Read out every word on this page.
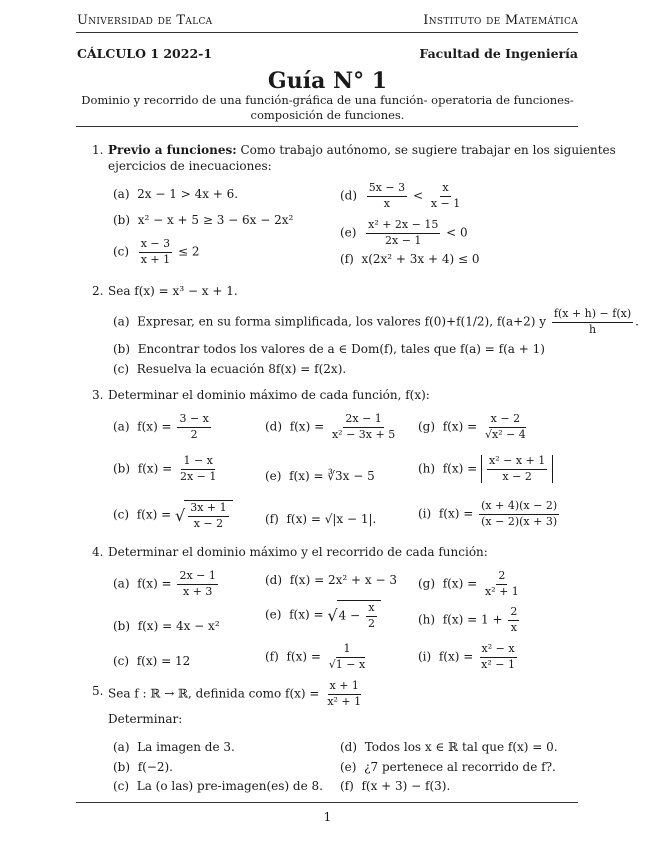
Universidad de Talca	Instituto de Matemática
CÁLCULO 1 2022-1	Facultad de Ingeniería
Guía N° 1
Dominio y recorrido de una función-gráfica de una función- operatoria de funciones-
composición de funciones.
1. Previo a funciones: Como trabajo autónomo, se sugiere trabajar en los siguientes
ejercicios de inecuaciones:
(a) 2x − 1 > 4x + 6.
(b) x² − x + 5 ≥ 3 − 6x − 2x²
$(c) \frac{x - 3}{x + 1} \le 2$
$(d) \frac{5x - 3}{x} < \frac{x}{x - 1}$
$(e) \frac{\text{x² + 2x − 15}}{2x - 1} < 0$
(f) x(2x² + 3x + 4) ≤ 0
2. Sea f(x) = x³ − x + 1.
(a) Expresar, en su forma simplificada, los valores f(0)+f(1/2), f(a+2) y $\frac{f(x + h) - f(x)}{h}$ .
(b) Encontrar todos los valores de a ∈ Dom(f), tales que f(a) = f(a + 1)
(c) Resuelva la ecuación 8f(x) = f(2x).
3. Determinar el dominio máximo de cada función, f(x):
(a) $f(x) = \frac{3 - x}{2}$
(b) $f(x) = \frac{1 - x}{2x - 1}$
(c) f(x) = √ $\frac{3x + 1}{x - 2}$
(d) $f(x) = \frac{2x - 1}{\text{x² − 3x + 5}}$
(e) f(x) = ∛3x − 5
(f) f(x) = √|x − 1|.
(g) $f(x) = \frac{x - 2}{\text{√x² − 4}}$
(h) $f(x) = \frac{\text{x² − x + 1}}{x - 2}$
(i) $f(x) = \frac{(x + 4)(x - 2)}{(x - 2)(x + 3)}$
4. Determinar el dominio máximo y el recorrido de cada función:
(a) $f(x) = \frac{2x - 1}{x + 3}$
(b) f(x) = 4x − x²
(c) f(x) = 12
(d) f(x) = 2x² + x − 3
(e) $f(x) = √4 - \frac{x}{2}$
(f) $f(x) = \frac{1}{√1 - x}$
(g) $f(x) = \frac{2}{\text{x² + 1}}$
(h) $f(x) = 1 + \frac{2}{x}$
(i) $f(x) = \frac{\text{x² − x}}{\text{x² − 1}}$
5. Sea f : ℝ → ℝ, definida como $f(x) = \frac{x + 1}{\text{x² + 1}}$
Determinar:
(a) La imagen de 3.
(b) f(−2).
(c) La (o las) pre-imagen(es) de 8.
(d) Todos los x ∈ ℝ tal que f(x) = 0.
(e) ¿7 pertenece al recorrido de f?.
(f) f(x + 3) − f(3).
1
